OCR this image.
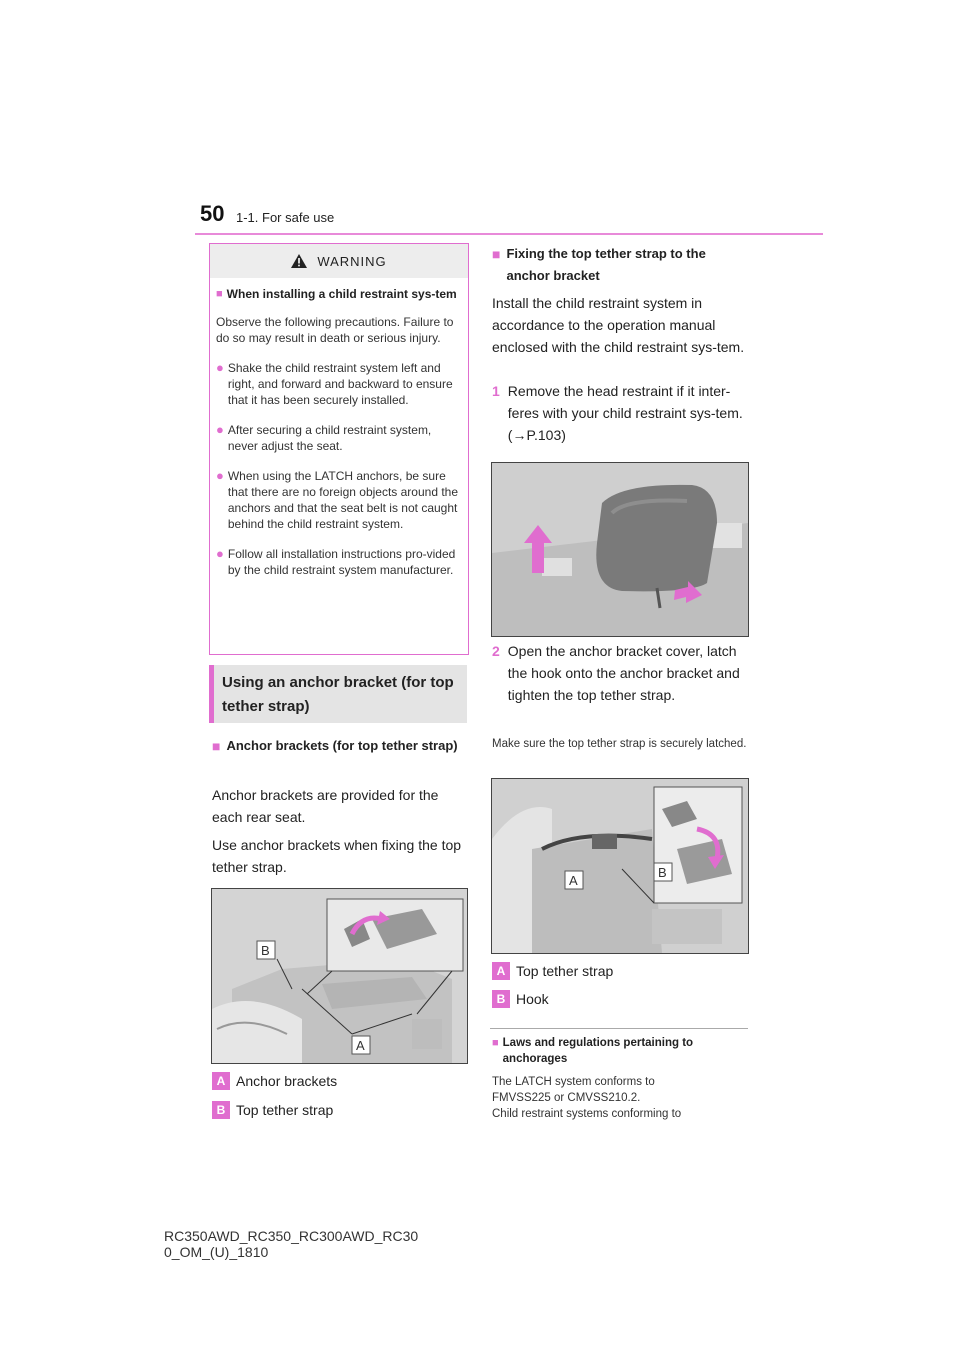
50 1-1. For safe use
WARNING
■ When installing a child restraint sys-tem
Observe the following precautions. Failure to do so may result in death or serious injury.
● Shake the child restraint system left and right, and forward and backward to ensure that it has been securely installed.
● After securing a child restraint system, never adjust the seat.
● When using the LATCH anchors, be sure that there are no foreign objects around the anchors and that the seat belt is not caught behind the child restraint system.
● Follow all installation instructions pro-vided by the child restraint system manufacturer.
Using an anchor bracket (for top tether strap)
■ Anchor brackets (for top tether strap)
Anchor brackets are provided for the each rear seat.
Use anchor brackets when fixing the top tether strap.
B
A
A Anchor brackets
B Top tether strap
■ Fixing the top tether strap to the anchor bracket
Install the child restraint system in accordance to the operation manual enclosed with the child restraint sys-tem.
1 Remove the head restraint if it inter-feres with your child restraint sys-tem. (→P.103)
2 Open the anchor bracket cover, latch the hook onto the anchor bracket and tighten the top tether strap.
Make sure the top tether strap is securely latched.
A
B
A Top tether strap
B Hook
■ Laws and regulations pertaining to anchorages
The LATCH system conforms to FMVSS225 or CMVSS210.2.
Child restraint systems conforming to
RC350AWD_RC350_RC300AWD_RC30
0_OM_(U)_1810
